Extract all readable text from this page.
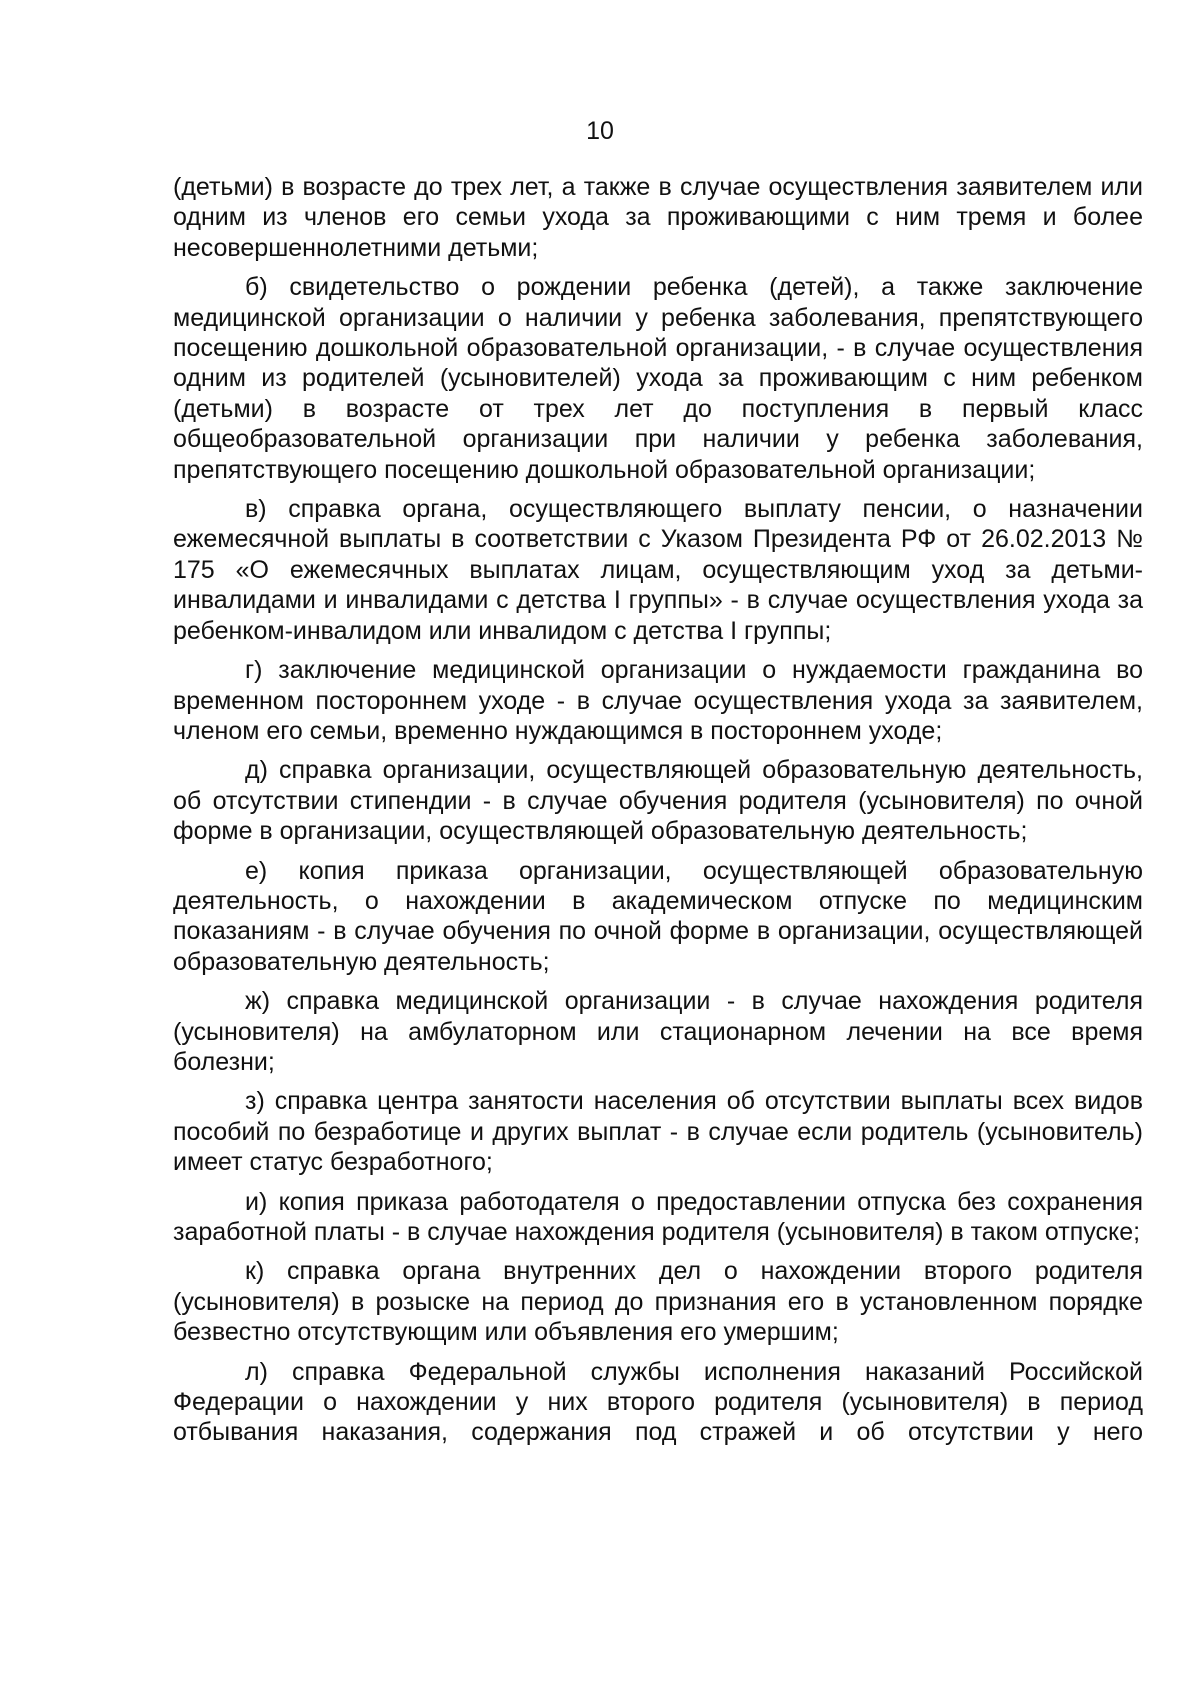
10

(детьми) в возрасте до трех лет, а также в случае осуществления заявителем или одним из членов его семьи ухода за проживающими с ним тремя и более несовершеннолетними детьми;

б) свидетельство о рождении ребенка (детей), а также заключение медицинской организации о наличии у ребенка заболевания, препятствующего посещению дошкольной образовательной организации, - в случае осуществления одним из родителей (усыновителей) ухода за проживающим с ним ребенком (детьми) в возрасте от трех лет до поступления в первый класс общеобразовательной организации при наличии у ребенка заболевания, препятствующего посещению дошкольной образовательной организации;

в) справка органа, осуществляющего выплату пенсии, о назначении ежемесячной выплаты в соответствии с Указом Президента РФ от 26.02.2013 № 175 «О ежемесячных выплатах лицам, осуществляющим уход за детьми-инвалидами и инвалидами с детства I группы» - в случае осуществления ухода за ребенком-инвалидом или инвалидом с детства I группы;

г) заключение медицинской организации о нуждаемости гражданина во временном постороннем уходе - в случае осуществления ухода за заявителем, членом его семьи, временно нуждающимся в постороннем уходе;

д) справка организации, осуществляющей образовательную деятельность, об отсутствии стипендии - в случае обучения родителя (усыновителя) по очной форме в организации, осуществляющей образовательную деятельность;

е) копия приказа организации, осуществляющей образовательную деятельность, о нахождении в академическом отпуске по медицинским показаниям - в случае обучения по очной форме в организации, осуществляющей образовательную деятельность;

ж) справка медицинской организации - в случае нахождения родителя (усыновителя) на амбулаторном или стационарном лечении на все время болезни;

з) справка центра занятости населения об отсутствии выплаты всех видов пособий по безработице и других выплат - в случае если родитель (усыновитель) имеет статус безработного;

и) копия приказа работодателя о предоставлении отпуска без сохранения заработной платы - в случае нахождения родителя (усыновителя) в таком отпуске;

к) справка органа внутренних дел о нахождении второго родителя (усыновителя) в розыске на период до признания его в установленном порядке безвестно отсутствующим или объявления его умершим;

л) справка Федеральной службы исполнения наказаний Российской Федерации о нахождении у них второго родителя (усыновителя) в период отбывания наказания, содержания под стражей и об отсутствии у него
